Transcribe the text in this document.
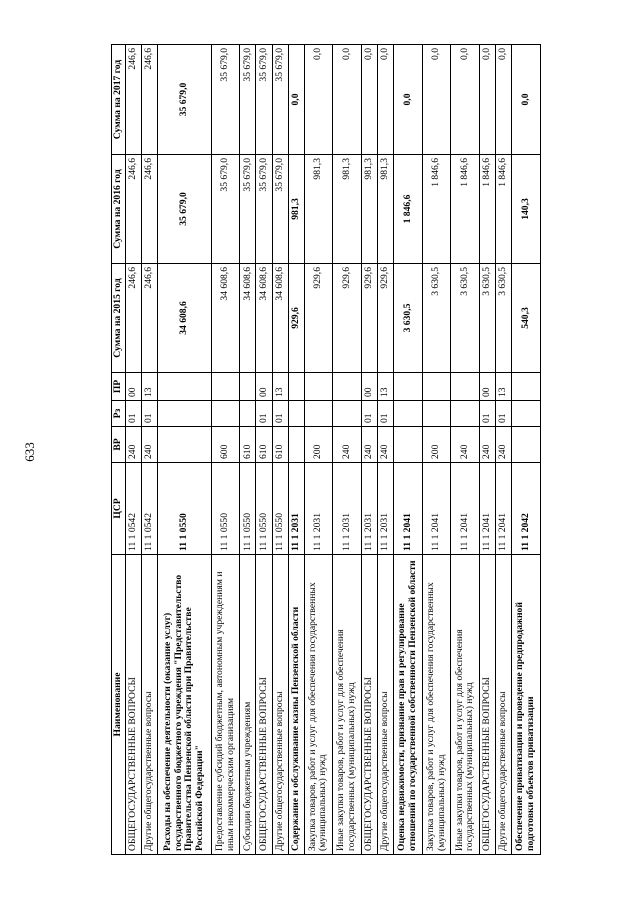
633
Наименование	ЦСР	ВР	Рз	ПР	Сумма на 2015 год	Сумма на 2016 год	Сумма на 2017 год
ОБЩЕГОСУДАРСТВЕННЫЕ ВОПРОСЫ	11 1 0542	240	01	00	246,6	246,6	246,6
Другие общегосударственные вопросы	11 1 0542	240	01	13	246,6	246,6	246,6
Расходы на обеспечение деятельности (оказание услуг) государственного бюджетного учреждения "Представительство Правительства Пензенской области при Правительстве Российской Федерации"	11 1 0550				34 608,6	35 679,0	35 679,0
Предоставление субсидий бюджетным, автономным учреждениям и иным некоммерческим организациям	11 1 0550	600			34 608,6	35 679,0	35 679,0
Субсидии бюджетным учреждениям	11 1 0550	610			34 608,6	35 679,0	35 679,0
ОБЩЕГОСУДАРСТВЕННЫЕ ВОПРОСЫ	11 1 0550	610	01	00	34 608,6	35 679,0	35 679,0
Другие общегосударственные вопросы	11 1 0550	610	01	13	34 608,6	35 679,0	35 679,0
Содержание и обслуживание казны Пензенской области	11 1 2031				929,6	981,3	0,0
Закупка товаров, работ и услуг для обеспечения государственных (муниципальных) нужд	11 1 2031	200			929,6	981,3	0,0
Иные закупки товаров, работ и услуг для обеспечения государственных (муниципальных) нужд	11 1 2031	240			929,6	981,3	0,0
ОБЩЕГОСУДАРСТВЕННЫЕ ВОПРОСЫ	11 1 2031	240	01	00	929,6	981,3	0,0
Другие общегосударственные вопросы	11 1 2031	240	01	13	929,6	981,3	0,0
Оценка недвижимости, признание прав и регулирование отношений по государственной собственности Пензенской области	11 1 2041				3 630,5	1 846,6	0,0
Закупка товаров, работ и услуг для обеспечения государственных (муниципальных) нужд	11 1 2041	200			3 630,5	1 846,6	0,0
Иные закупки товаров, работ и услуг для обеспечения государственных (муниципальных) нужд	11 1 2041	240			3 630,5	1 846,6	0,0
ОБЩЕГОСУДАРСТВЕННЫЕ ВОПРОСЫ	11 1 2041	240	01	00	3 630,5	1 846,6	0,0
Другие общегосударственные вопросы	11 1 2041	240	01	13	3 630,5	1 846,6	0,0
Обеспечение приватизации и проведение предпродажной подготовки объектов приватизации	11 1 2042				540,3	140,3	0,0
